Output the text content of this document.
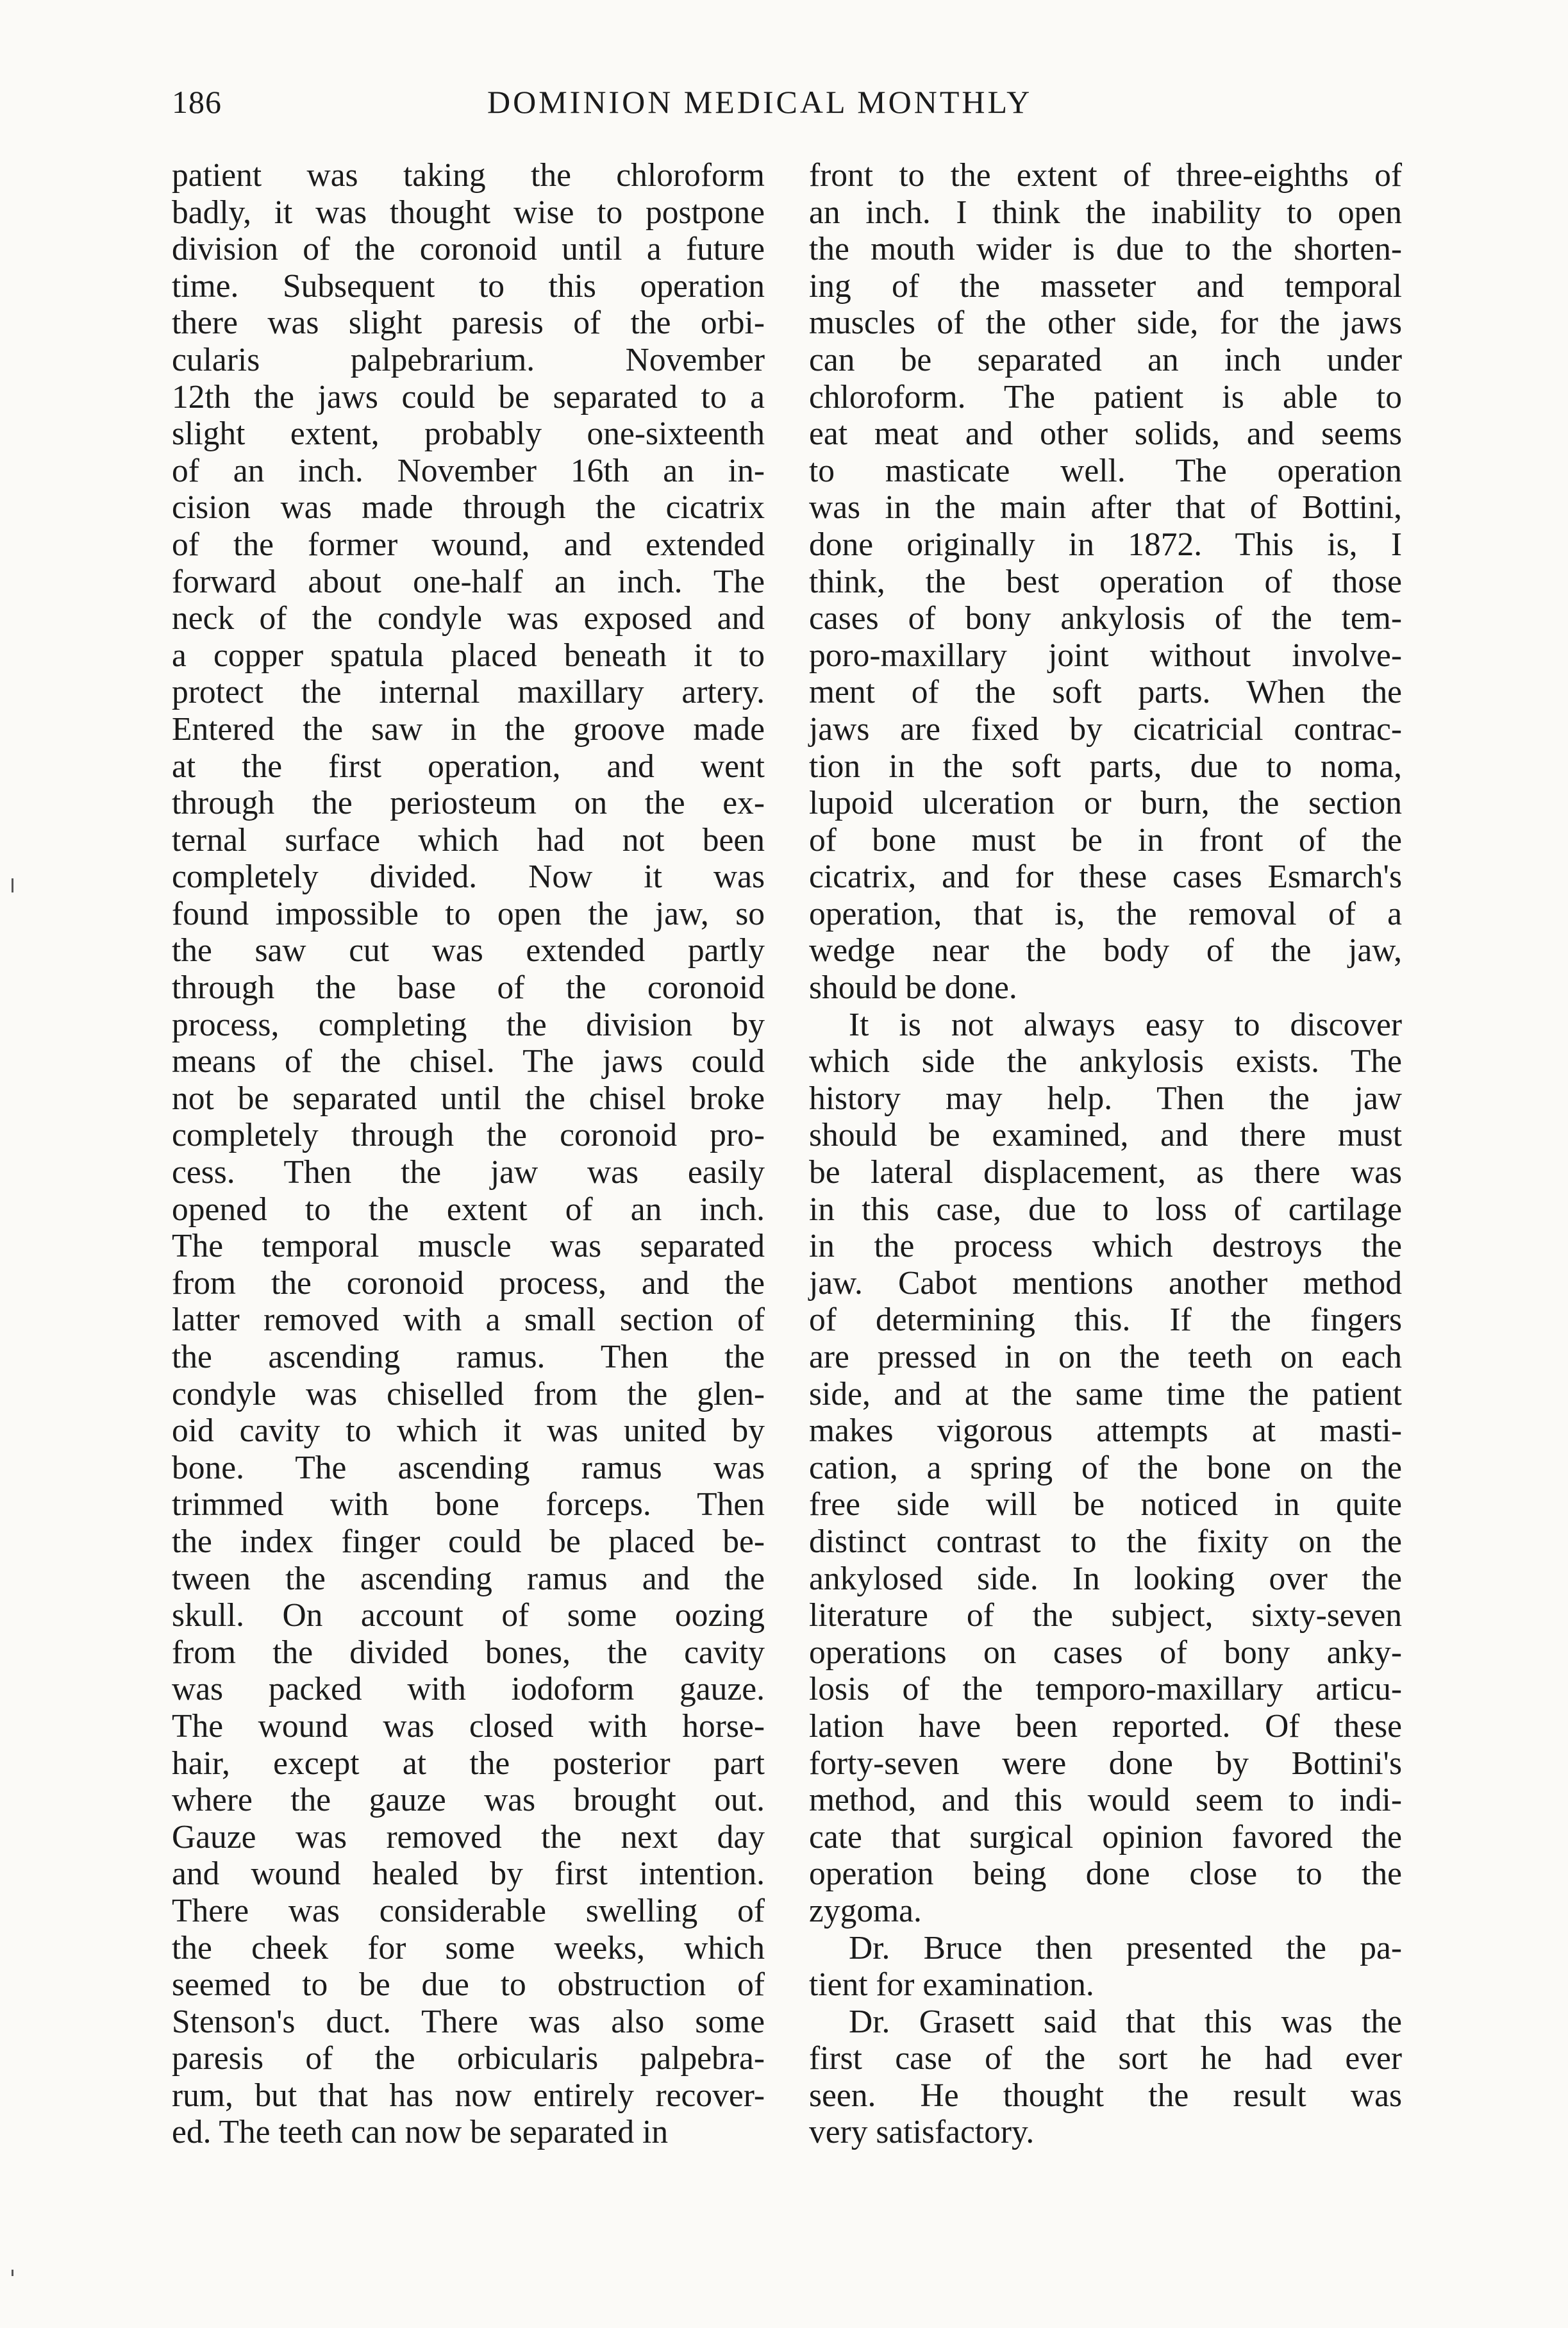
186	DOMINION MEDICAL MONTHLY
patient was taking the chloroform
badly, it was thought wise to postpone
division of the coronoid until a future
time. Subsequent to this operation
there was slight paresis of the orbi-
cularis palpebrarium. November
12th the jaws could be separated to a
slight extent, probably one-sixteenth
of an inch. November 16th an in-
cision was made through the cicatrix
of the former wound, and extended
forward about one-half an inch. The
neck of the condyle was exposed and
a copper spatula placed beneath it to
protect the internal maxillary artery.
Entered the saw in the groove made
at the first operation, and went
through the periosteum on the ex-
ternal surface which had not been
completely divided. Now it was
found impossible to open the jaw, so
the saw cut was extended partly
through the base of the coronoid
process, completing the division by
means of the chisel. The jaws could
not be separated until the chisel broke
completely through the coronoid pro-
cess. Then the jaw was easily
opened to the extent of an inch.
The temporal muscle was separated
from the coronoid process, and the
latter removed with a small section of
the ascending ramus. Then the
condyle was chiselled from the glen-
oid cavity to which it was united by
bone. The ascending ramus was
trimmed with bone forceps. Then
the index finger could be placed be-
tween the ascending ramus and the
skull. On account of some oozing
from the divided bones, the cavity
was packed with iodoform gauze.
The wound was closed with horse-
hair, except at the posterior part
where the gauze was brought out.
Gauze was removed the next day
and wound healed by first intention.
There was considerable swelling of
the cheek for some weeks, which
seemed to be due to obstruction of
Stenson's duct. There was also some
paresis of the orbicularis palpebra-
rum, but that has now entirely recover-
ed. The teeth can now be separated in
front to the extent of three-eighths of
an inch. I think the inability to open
the mouth wider is due to the shorten-
ing of the masseter and temporal
muscles of the other side, for the jaws
can be separated an inch under
chloroform. The patient is able to
eat meat and other solids, and seems
to masticate well. The operation
was in the main after that of Bottini,
done originally in 1872. This is, I
think, the best operation of those
cases of bony ankylosis of the tem-
poro-maxillary joint without involve-
ment of the soft parts. When the
jaws are fixed by cicatricial contrac-
tion in the soft parts, due to noma,
lupoid ulceration or burn, the section
of bone must be in front of the
cicatrix, and for these cases Esmarch's
operation, that is, the removal of a
wedge near the body of the jaw,
should be done.
It is not always easy to discover
which side the ankylosis exists. The
history may help. Then the jaw
should be examined, and there must
be lateral displacement, as there was
in this case, due to loss of cartilage
in the process which destroys the
jaw. Cabot mentions another method
of determining this. If the fingers
are pressed in on the teeth on each
side, and at the same time the patient
makes vigorous attempts at masti-
cation, a spring of the bone on the
free side will be noticed in quite
distinct contrast to the fixity on the
ankylosed side. In looking over the
literature of the subject, sixty-seven
operations on cases of bony anky-
losis of the temporo-maxillary articu-
lation have been reported. Of these
forty-seven were done by Bottini's
method, and this would seem to indi-
cate that surgical opinion favored the
operation being done close to the
zygoma.
Dr. Bruce then presented the pa-
tient for examination.
Dr. Grasett said that this was the
first case of the sort he had ever
seen. He thought the result was
very satisfactory.
